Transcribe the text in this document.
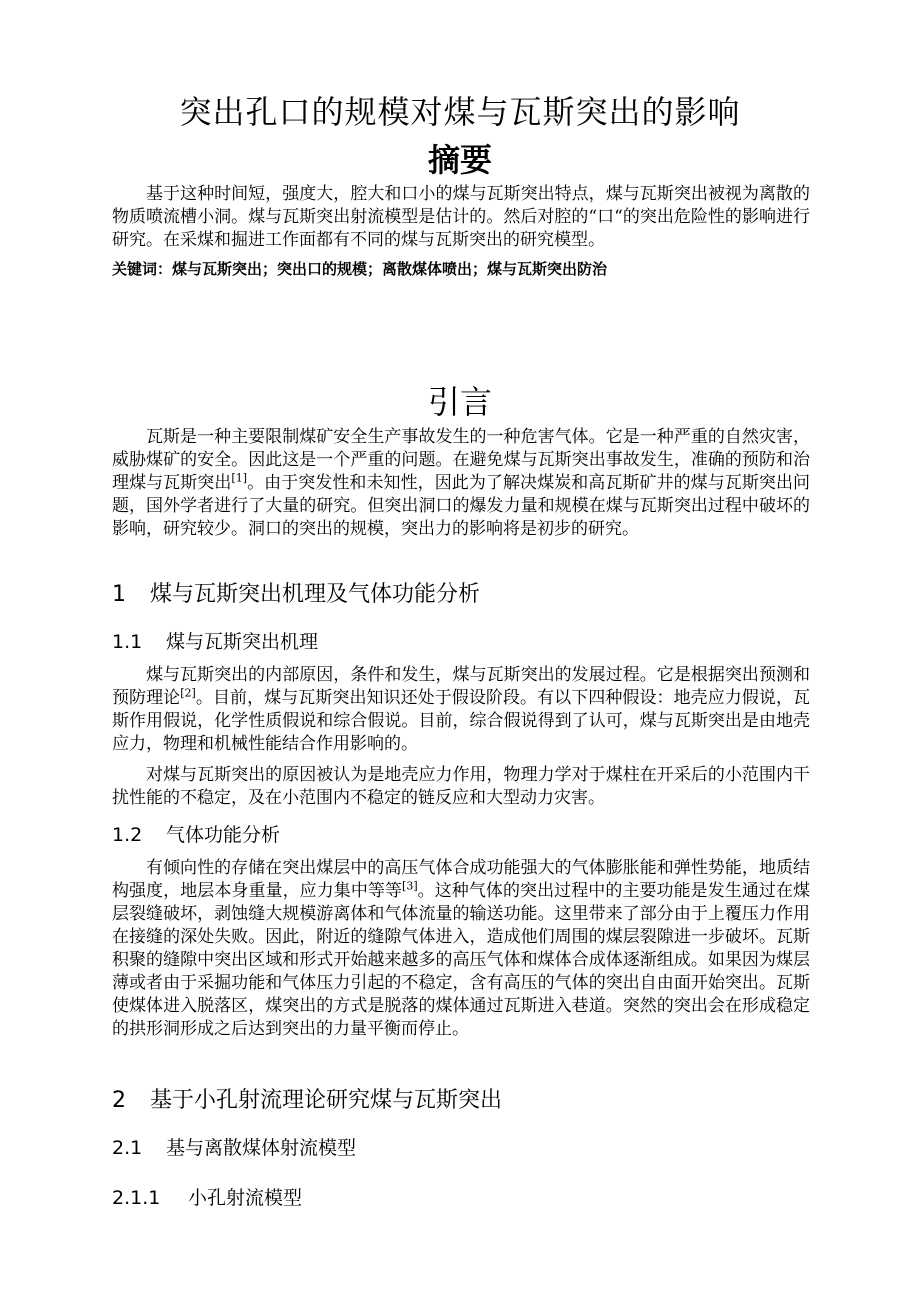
突出孔口的规模对煤与瓦斯突出的影响
摘要

基于这种时间短，强度大，腔大和口小的煤与瓦斯突出特点，煤与瓦斯突出被视为离散的物质喷流槽小洞。煤与瓦斯突出射流模型是估计的。然后对腔的“口“的突出危险性的影响进行研究。在采煤和掘进工作面都有不同的煤与瓦斯突出的研究模型。

关键词：煤与瓦斯突出；突出口的规模；离散煤体喷出；煤与瓦斯突出防治
引言

瓦斯是一种主要限制煤矿安全生产事故发生的一种危害气体。它是一种严重的自然灾害，威胁煤矿的安全。因此这是一个严重的问题。在避免煤与瓦斯突出事故发生，准确的预防和治理煤与瓦斯突出[1]。由于突发性和未知性，因此为了解决煤炭和高瓦斯矿井的煤与瓦斯突出问题，国外学者进行了大量的研究。但突出洞口的爆发力量和规模在煤与瓦斯突出过程中破坏的影响，研究较少。洞口的突出的规模，突出力的影响将是初步的研究。

1 煤与瓦斯突出机理及气体功能分析
1.1 煤与瓦斯突出机理

煤与瓦斯突出的内部原因，条件和发生，煤与瓦斯突出的发展过程。它是根据突出预测和预防理论[2]。目前，煤与瓦斯突出知识还处于假设阶段。有以下四种假设：地壳应力假说，瓦斯作用假说，化学性质假说和综合假说。目前，综合假说得到了认可，煤与瓦斯突出是由地壳应力，物理和机械性能结合作用影响的。

对煤与瓦斯突出的原因被认为是地壳应力作用，物理力学对于煤柱在开采后的小范围内干扰性能的不稳定，及在小范围内不稳定的链反应和大型动力灾害。

1.2 气体功能分析

有倾向性的存储在突出煤层中的高压气体合成功能强大的气体膨胀能和弹性势能，地质结构强度，地层本身重量，应力集中等等[3]。这种气体的突出过程中的主要功能是发生通过在煤层裂缝破坏，剥蚀缝大规模游离体和气体流量的输送功能。这里带来了部分由于上覆压力作用在接缝的深处失败。因此，附近的缝隙气体进入，造成他们周围的煤层裂隙进一步破坏。瓦斯积聚的缝隙中突出区域和形式开始越来越多的高压气体和煤体合成体逐渐组成。如果因为煤层薄或者由于采掘功能和气体压力引起的不稳定，含有高压的气体的突出自由面开始突出。瓦斯使煤体进入脱落区，煤突出的方式是脱落的煤体通过瓦斯进入巷道。突然的突出会在形成稳定的拱形洞形成之后达到突出的力量平衡而停止。

2 基于小孔射流理论研究煤与瓦斯突出
2.1 基与离散煤体射流模型
2.1.1 小孔射流模型
